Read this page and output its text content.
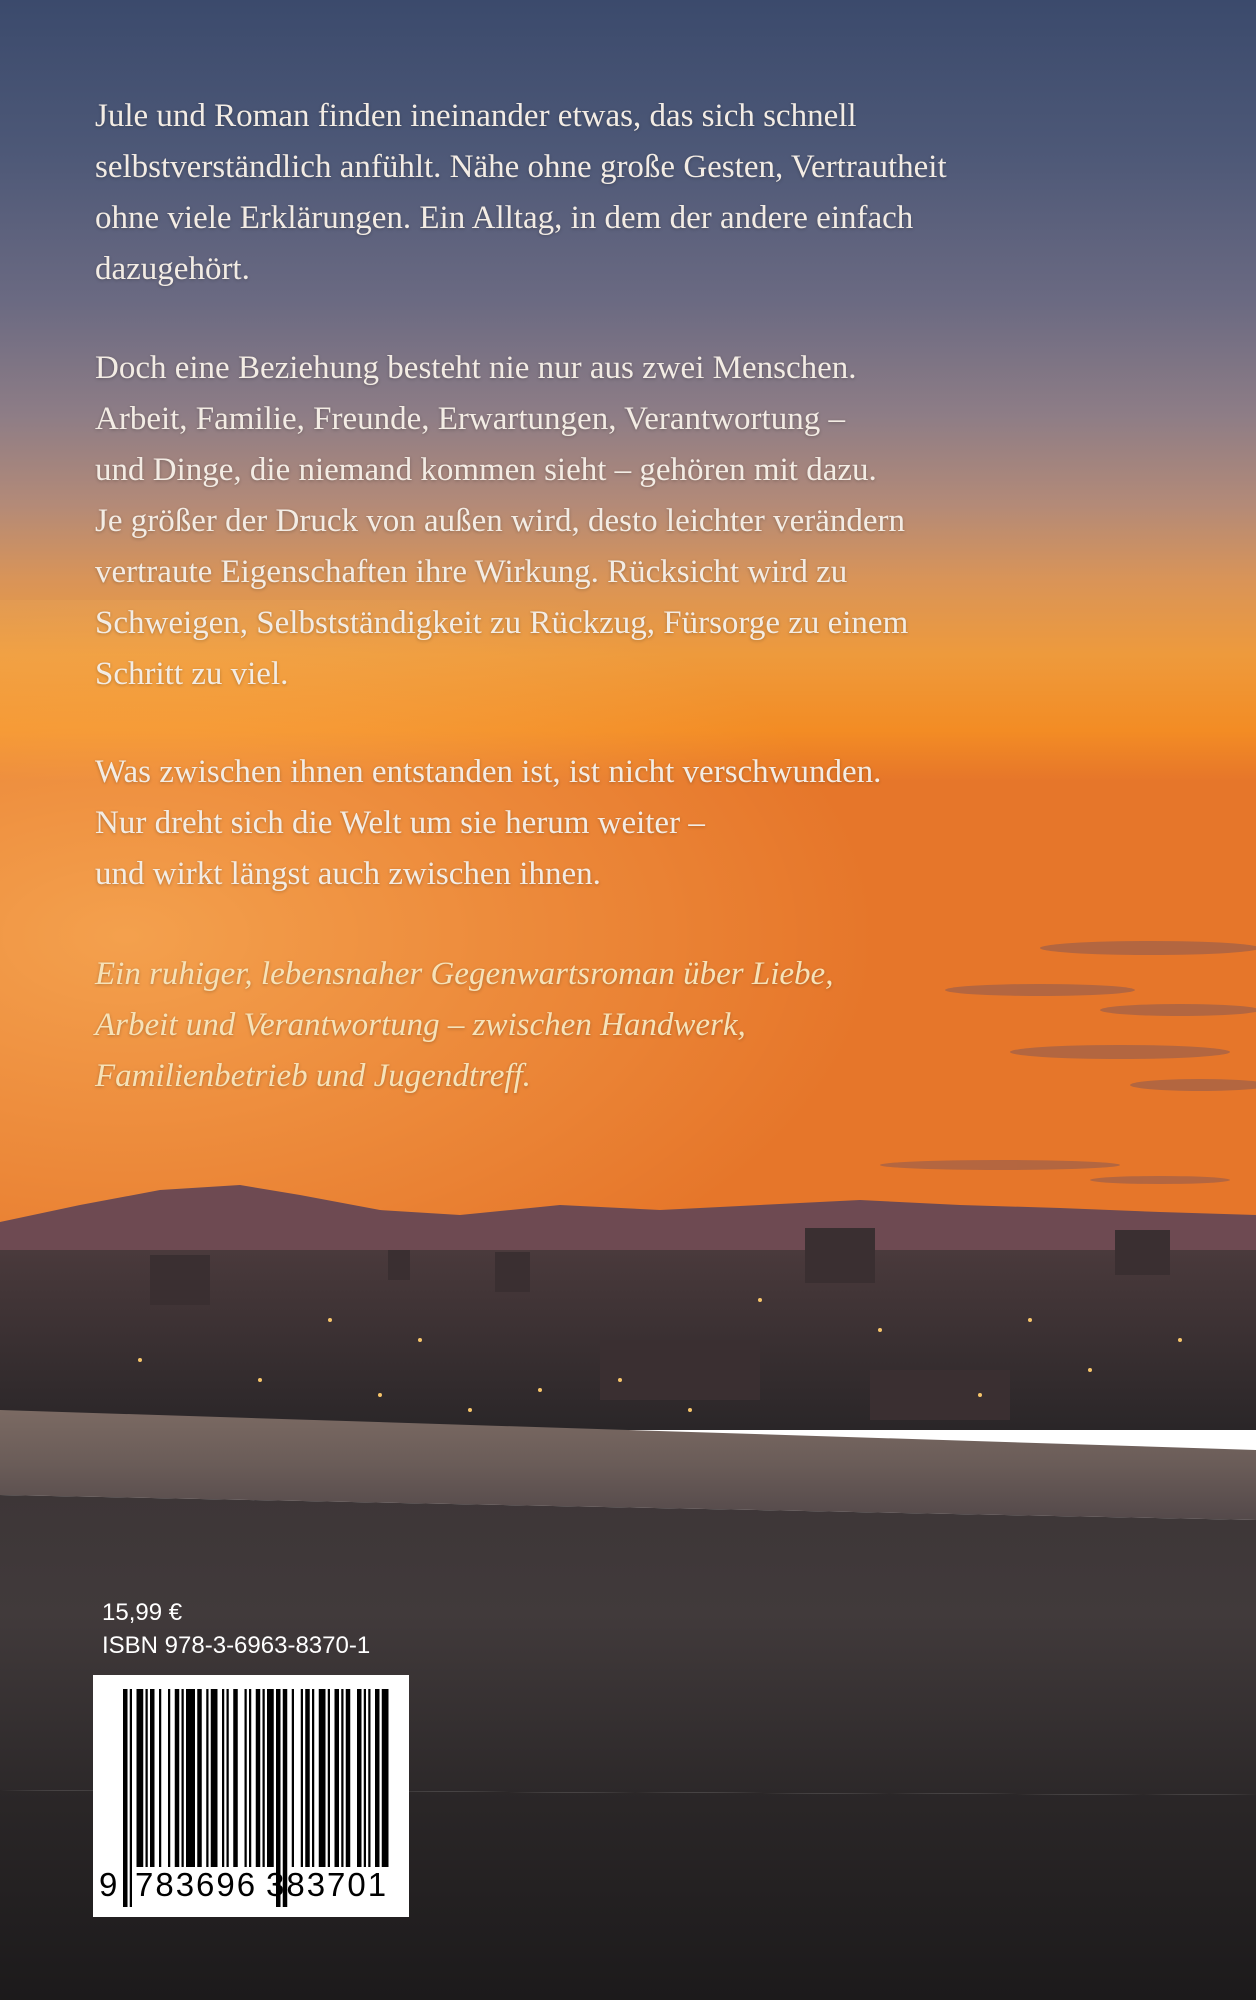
Jule und Roman finden ineinander etwas, das sich schnell
selbstverständlich anfühlt. Nähe ohne große Gesten, Vertrautheit
ohne viele Erklärungen. Ein Alltag, in dem der andere einfach
dazugehört.
Doch eine Beziehung besteht nie nur aus zwei Menschen.
Arbeit, Familie, Freunde, Erwartungen, Verantwortung –
und Dinge, die niemand kommen sieht – gehören mit dazu.
Je größer der Druck von außen wird, desto leichter verändern
vertraute Eigenschaften ihre Wirkung. Rücksicht wird zu
Schweigen, Selbstständigkeit zu Rückzug, Fürsorge zu einem
Schritt zu viel.
Was zwischen ihnen entstanden ist, ist nicht verschwunden.
Nur dreht sich die Welt um sie herum weiter –
und wirkt längst auch zwischen ihnen.
Ein ruhiger, lebensnaher Gegenwartsroman über Liebe,
Arbeit und Verantwortung – zwischen Handwerk,
Familienbetrieb und Jugendtreff.
15,99 €
ISBN 978-3-6963-8370-1
9 783696 383701
